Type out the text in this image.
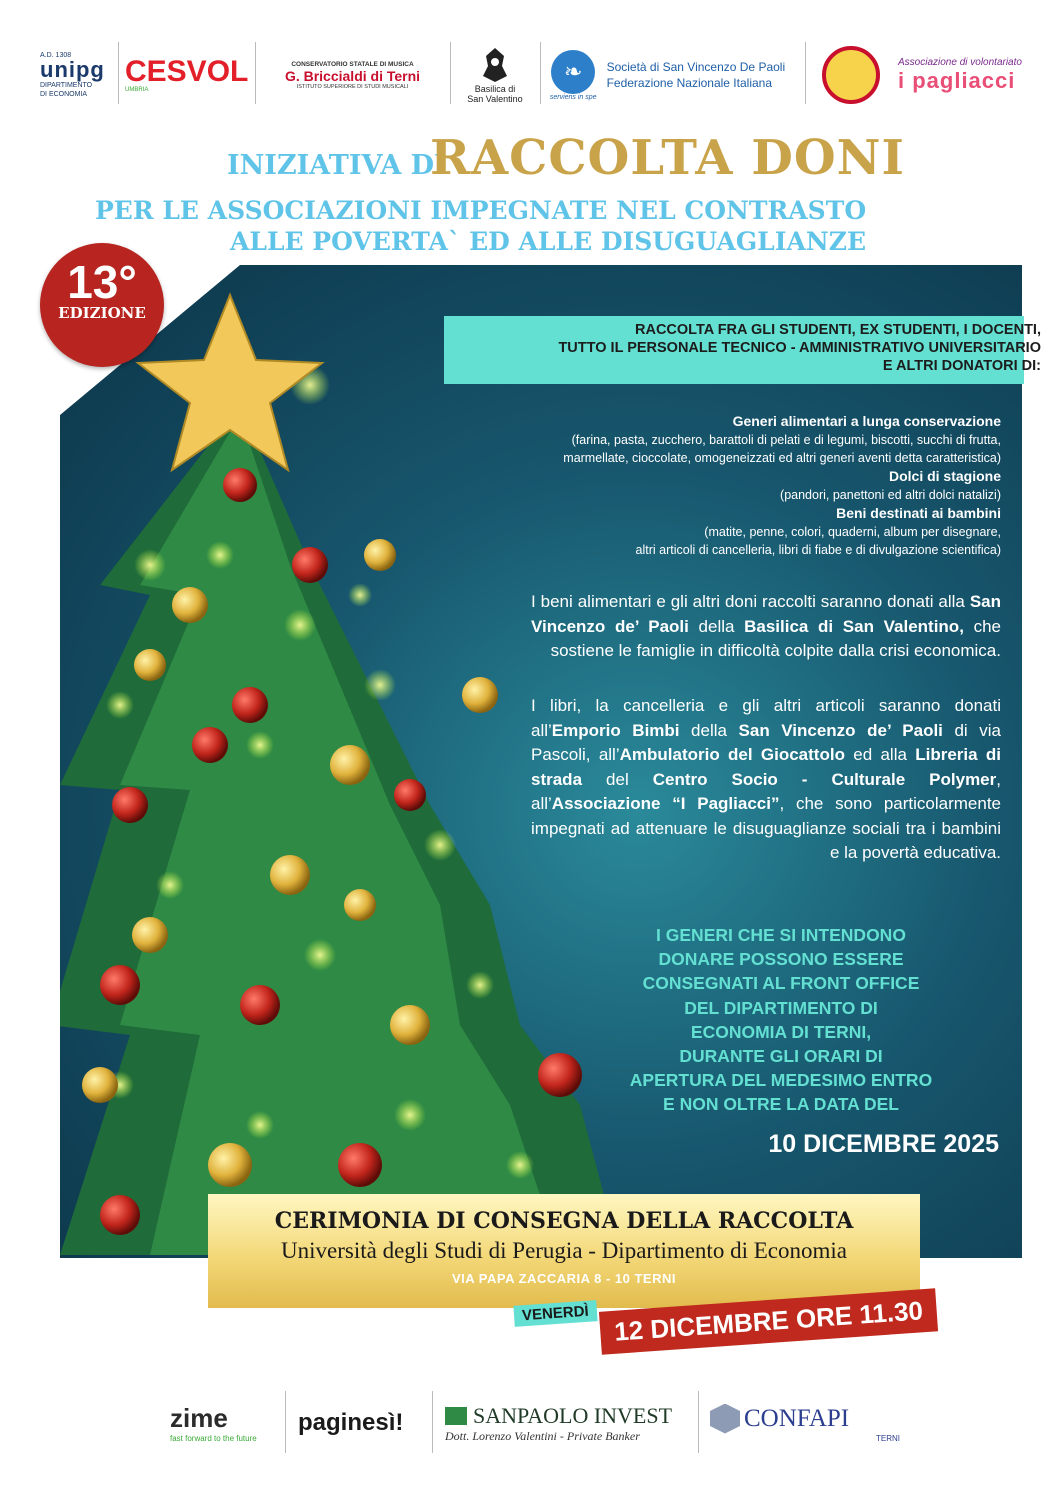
A.D. 1308
unipg
DIPARTIMENTO
DI ECONOMIA
CESVOL
UMBRIA
CONSERVATORIO STATALE DI MUSICA
G. Briccialdi di Terni
ISTITUTO SUPERIORE DI STUDI MUSICALI	Basilica di
San Valentino
❧
serviens in spe
Società di San Vincenzo De Paoli
Federazione Nazionale Italiana
Associazione di volontariato
i pagliacci
INIZIATIVA DI
RACCOLTA DONI
PER LE ASSOCIAZIONI IMPEGNATE NEL CONTRASTO
ALLE POVERTA` ED ALLE DISUGUAGLIANZE
13°
EDIZIONE
RACCOLTA FRA GLI STUDENTI, EX STUDENTI, I DOCENTI,
TUTTO IL PERSONALE TECNICO - AMMINISTRATIVO UNIVERSITARIO
E ALTRI DONATORI DI:
Generi alimentari a lunga conservazione
(farina, pasta, zucchero, barattoli di pelati e di legumi, biscotti, succhi di frutta,
marmellate, cioccolate, omogeneizzati ed altri generi aventi detta caratteristica)
Dolci di stagione
(pandori, panettoni ed altri dolci natalizi)
Beni destinati ai bambini
(matite, penne, colori, quaderni, album per disegnare,
altri articoli di cancelleria, libri di fiabe e di divulgazione scientifica)
I beni alimentari e gli altri doni raccolti saranno donati alla San Vincenzo de’ Paoli della Basilica di San Valentino, che sostiene le famiglie in difficoltà colpite dalla crisi economica.
I libri, la cancelleria e gli altri articoli saranno donati all’Emporio Bimbi della San Vincenzo de’ Paoli di via Pascoli, all’Ambulatorio del Giocattolo ed alla Libreria di strada del Centro Socio - Culturale Polymer, all’Associazione “I Pagliacci”, che sono particolarmente impegnati ad attenuare le disuguaglianze sociali tra i bambini e la povertà educativa.
I GENERI CHE SI INTENDONO
DONARE POSSONO ESSERE
CONSEGNATI AL FRONT OFFICE
DEL DIPARTIMENTO DI
ECONOMIA DI TERNI,
DURANTE GLI ORARI DI
APERTURA DEL MEDESIMO ENTRO
E NON OLTRE LA DATA DEL
10 DICEMBRE 2025
CERIMONIA DI CONSEGNA DELLA RACCOLTA
Università degli Studi di Perugia - Dipartimento di Economia
VIA PAPA ZACCARIA 8 - 10 TERNI
VENERDÌ 12 DICEMBRE ORE 11.30
zime
fast forward to the future
paginesì!	SANPAOLO INVEST
Dott. Lorenzo Valentini - Private Banker
CONFAPI
TERNI
